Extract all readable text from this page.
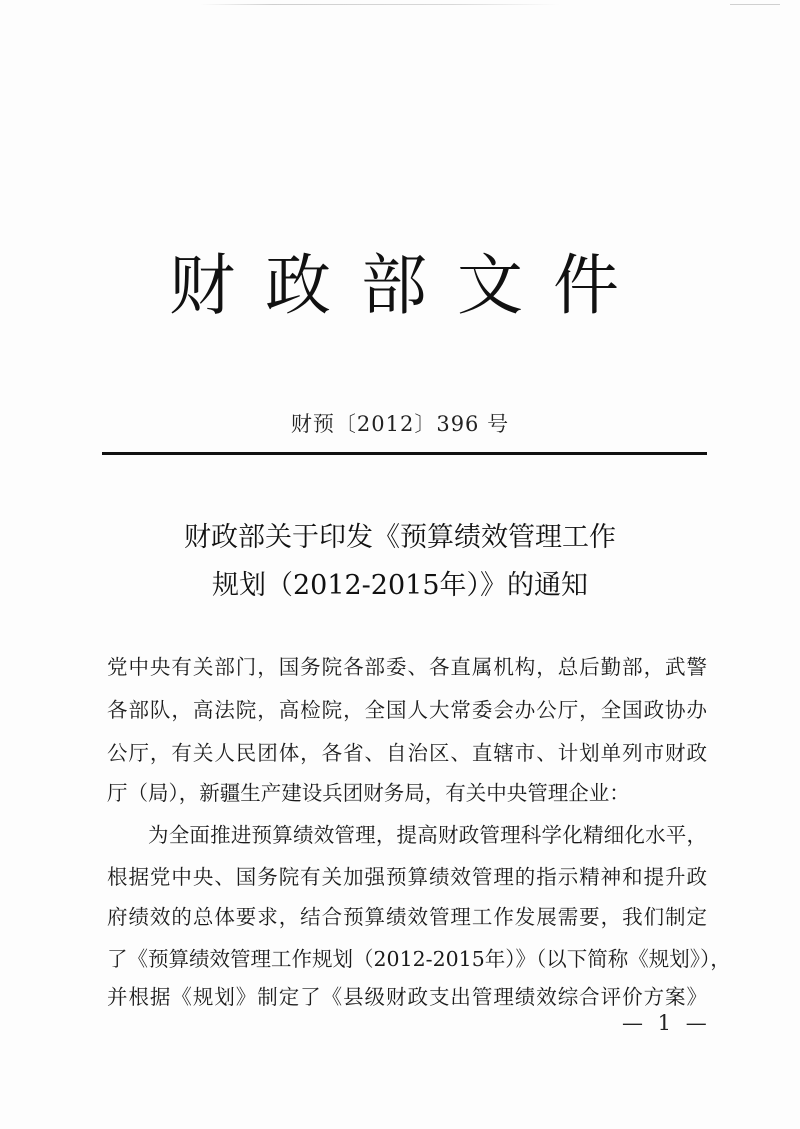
财政部文件
财预〔2012〕396 号
财政部关于印发《预算绩效管理工作
规划（2012-2015年）》的通知
党中央有关部门，国务院各部委、各直属机构，总后勤部，武警
各部队，高法院，高检院，全国人大常委会办公厅，全国政协办
公厅，有关人民团体，各省、自治区、直辖市、计划单列市财政
厅（局），新疆生产建设兵团财务局，有关中央管理企业：
为全面推进预算绩效管理，提高财政管理科学化精细化水平，
根据党中央、国务院有关加强预算绩效管理的指示精神和提升政
府绩效的总体要求，结合预算绩效管理工作发展需要，我们制定
了《预算绩效管理工作规划（2012-2015年）》（以下简称《规划》），
并根据《规划》制定了《县级财政支出管理绩效综合评价方案》
— 1 —
